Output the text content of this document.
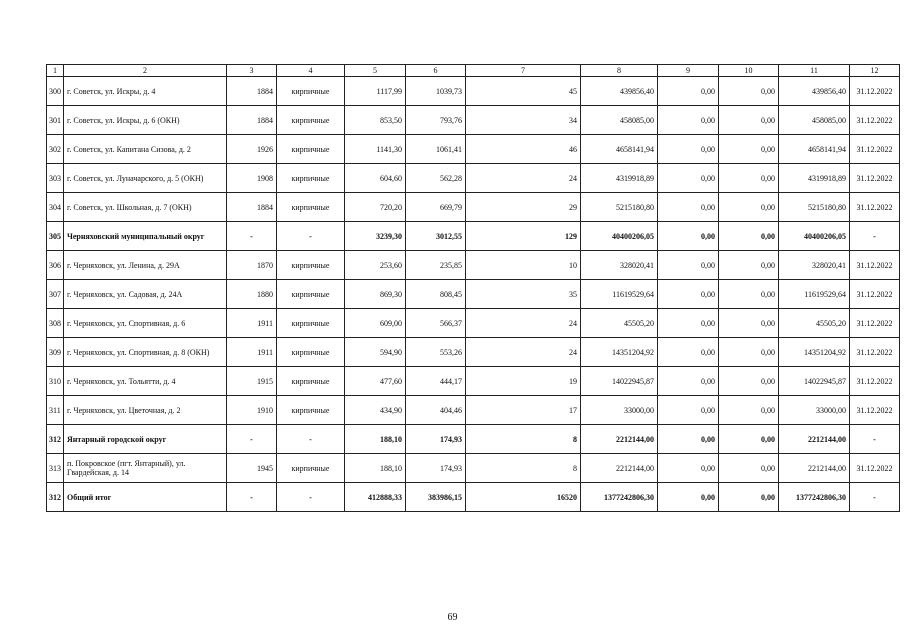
1	2	3	4	5	6	7	8	9	10	11	12
300	г. Советск, ул. Искры, д. 4	1884	кирпичные	1117,99	1039,73	45	439856,40	0,00	0,00	439856,40	31.12.2022
301	г. Советск, ул. Искры, д. 6 (ОКН)	1884	кирпичные	853,50	793,76	34	458085,00	0,00	0,00	458085,00	31.12.2022
302	г. Советск, ул. Капитана Сизова, д. 2	1926	кирпичные	1141,30	1061,41	46	4658141,94	0,00	0,00	4658141,94	31.12.2022
303	г. Советск, ул. Луначарского, д. 5 (ОКН)	1908	кирпичные	604,60	562,28	24	4319918,89	0,00	0,00	4319918,89	31.12.2022
304	г. Советск, ул. Школьная, д. 7 (ОКН)	1884	кирпичные	720,20	669,79	29	5215180,80	0,00	0,00	5215180,80	31.12.2022
305	Черняховский муниципальный округ	-	-	3239,30	3012,55	129	40400206,05	0,00	0,00	40400206,05	-
306	г. Черняховск, ул. Ленина, д. 29А	1870	кирпичные	253,60	235,85	10	328020,41	0,00	0,00	328020,41	31.12.2022
307	г. Черняховск, ул. Садовая, д. 24А	1880	кирпичные	869,30	808,45	35	11619529,64	0,00	0,00	11619529,64	31.12.2022
308	г. Черняховск, ул. Спортивная, д. 6	1911	кирпичные	609,00	566,37	24	45505,20	0,00	0,00	45505,20	31.12.2022
309	г. Черняховск, ул. Спортивная, д. 8 (ОКН)	1911	кирпичные	594,90	553,26	24	14351204,92	0,00	0,00	14351204,92	31.12.2022
310	г. Черняховск, ул. Тольятти, д. 4	1915	кирпичные	477,60	444,17	19	14022945,87	0,00	0,00	14022945,87	31.12.2022
311	г. Черняховск, ул. Цветочная, д. 2	1910	кирпичные	434,90	404,46	17	33000,00	0,00	0,00	33000,00	31.12.2022
312	Янтарный городской округ	-	-	188,10	174,93	8	2212144,00	0,00	0,00	2212144,00	-
313	п. Покровское (пгт. Янтарный), ул. Гвардейская, д. 14	1945	кирпичные	188,10	174,93	8	2212144,00	0,00	0,00	2212144,00	31.12.2022
312	Общий итог	-	-	412888,33	383986,15	16520	1377242806,30	0,00	0,00	1377242806,30	-
69
